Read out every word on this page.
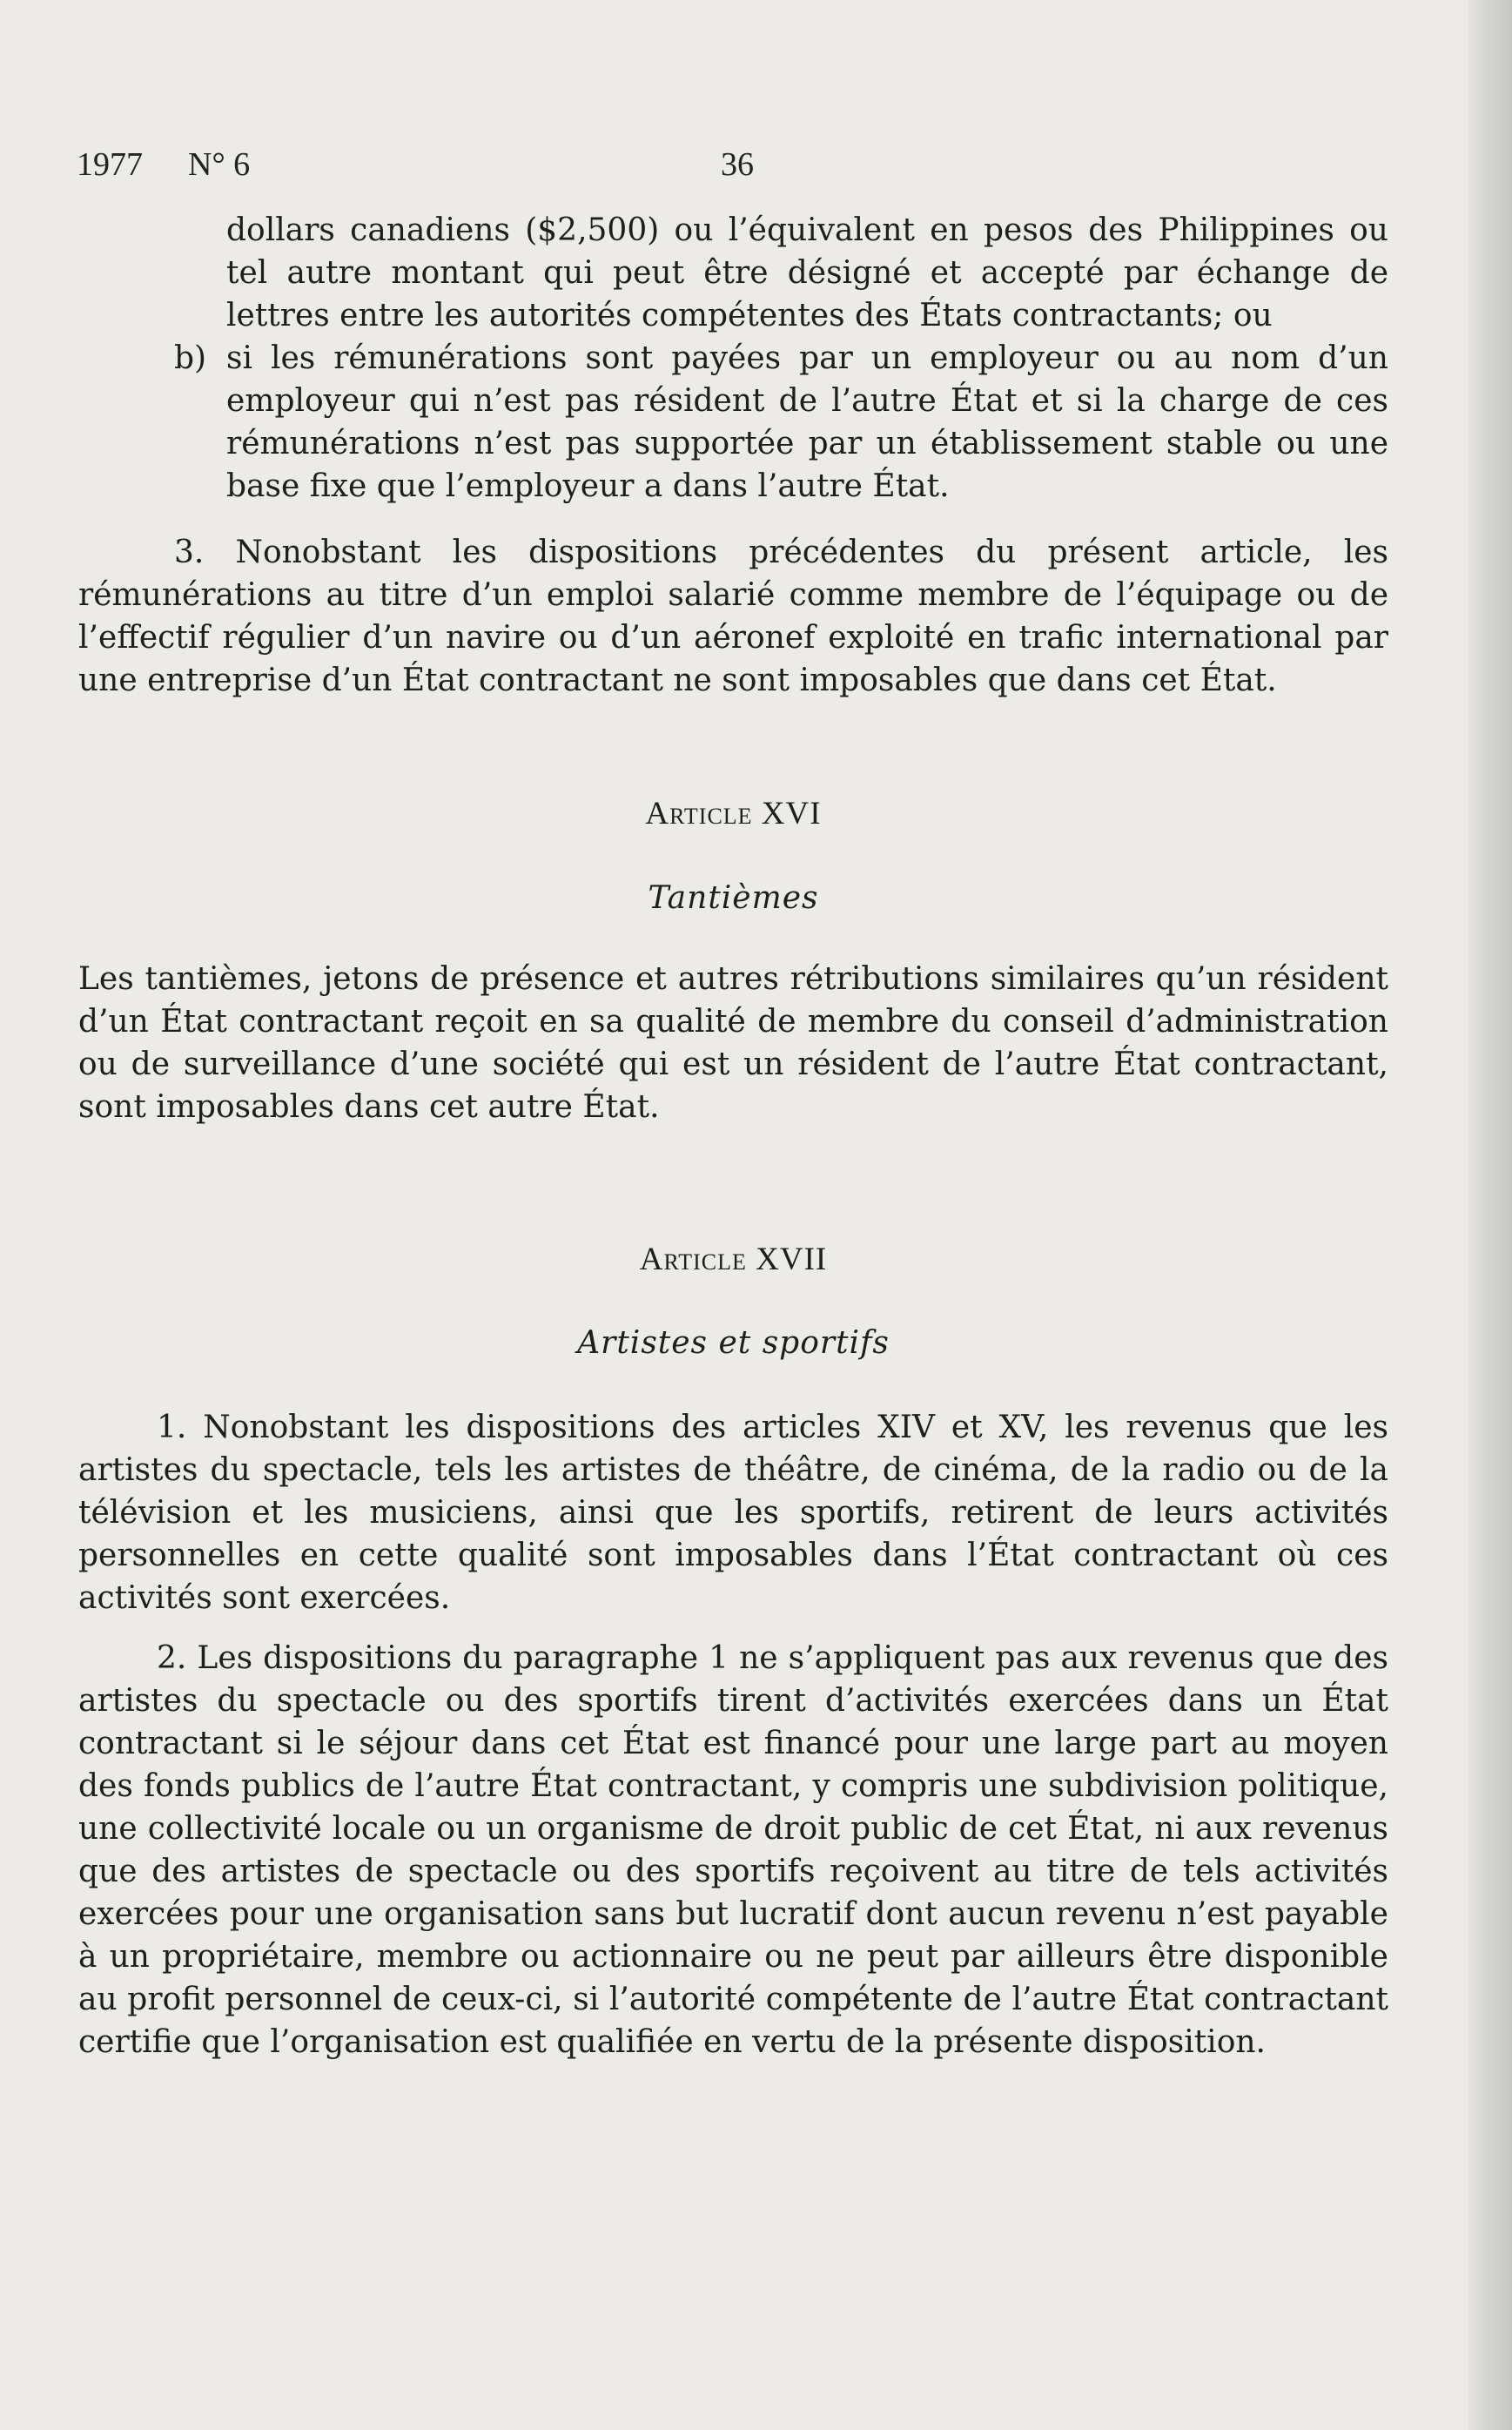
1977 N° 6	36

dollars canadiens ($2,500) ou l’équivalent en pesos des Philippines ou tel autre montant qui peut être désigné et accepté par échange de lettres entre les autorités compétentes des États contractants; ou

b) si les rémunérations sont payées par un employeur ou au nom d’un employeur qui n’est pas résident de l’autre État et si la charge de ces rémunérations n’est pas supportée par un établissement stable ou une base fixe que l’employeur a dans l’autre État.

3. Nonobstant les dispositions précédentes du présent article, les rémunérations au titre d’un emploi salarié comme membre de l’équipage ou de l’effectif régulier d’un navire ou d’un aéronef exploité en trafic international par une entreprise d’un État contractant ne sont imposables que dans cet État.

Article XVI

Tantièmes

Les tantièmes, jetons de présence et autres rétributions similaires qu’un résident d’un État contractant reçoit en sa qualité de membre du conseil d’administration ou de surveillance d’une société qui est un résident de l’autre État contractant, sont imposables dans cet autre État.

Article XVII

Artistes et sportifs

1. Nonobstant les dispositions des articles XIV et XV, les revenus que les artistes du spectacle, tels les artistes de théâtre, de cinéma, de la radio ou de la télévision et les musiciens, ainsi que les sportifs, retirent de leurs activités personnelles en cette qualité sont imposables dans l’État contractant où ces activités sont exercées.

2. Les dispositions du paragraphe 1 ne s’appliquent pas aux revenus que des artistes du spectacle ou des sportifs tirent d’activités exercées dans un État contractant si le séjour dans cet État est financé pour une large part au moyen des fonds publics de l’autre État contractant, y compris une subdivision politique, une collectivité locale ou un organisme de droit public de cet État, ni aux revenus que des artistes de spectacle ou des sportifs reçoivent au titre de tels activités exercées pour une organisation sans but lucratif dont aucun revenu n’est payable à un propriétaire, membre ou actionnaire ou ne peut par ailleurs être disponible au profit personnel de ceux-ci, si l’autorité compétente de l’autre État contractant certifie que l’organisation est qualifiée en vertu de la présente disposition.
